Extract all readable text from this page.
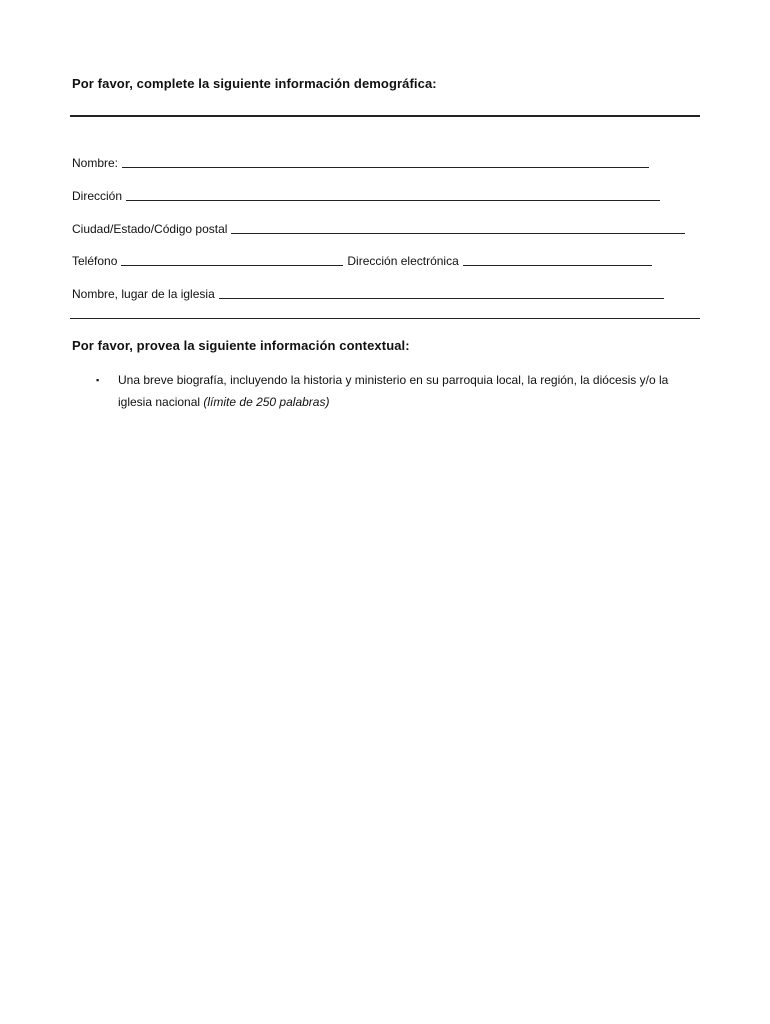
Por favor, complete la siguiente información demográfica:
Nombre:
Dirección
Ciudad/Estado/Código postal
Teléfono	Dirección electrónica
Nombre, lugar de la iglesia
Por favor, provea la siguiente información contextual:
▪	Una breve biografía, incluyendo la historia y ministerio en su parroquia local, la región, la diócesis y/o la iglesia nacional (límite de 250 palabras)
